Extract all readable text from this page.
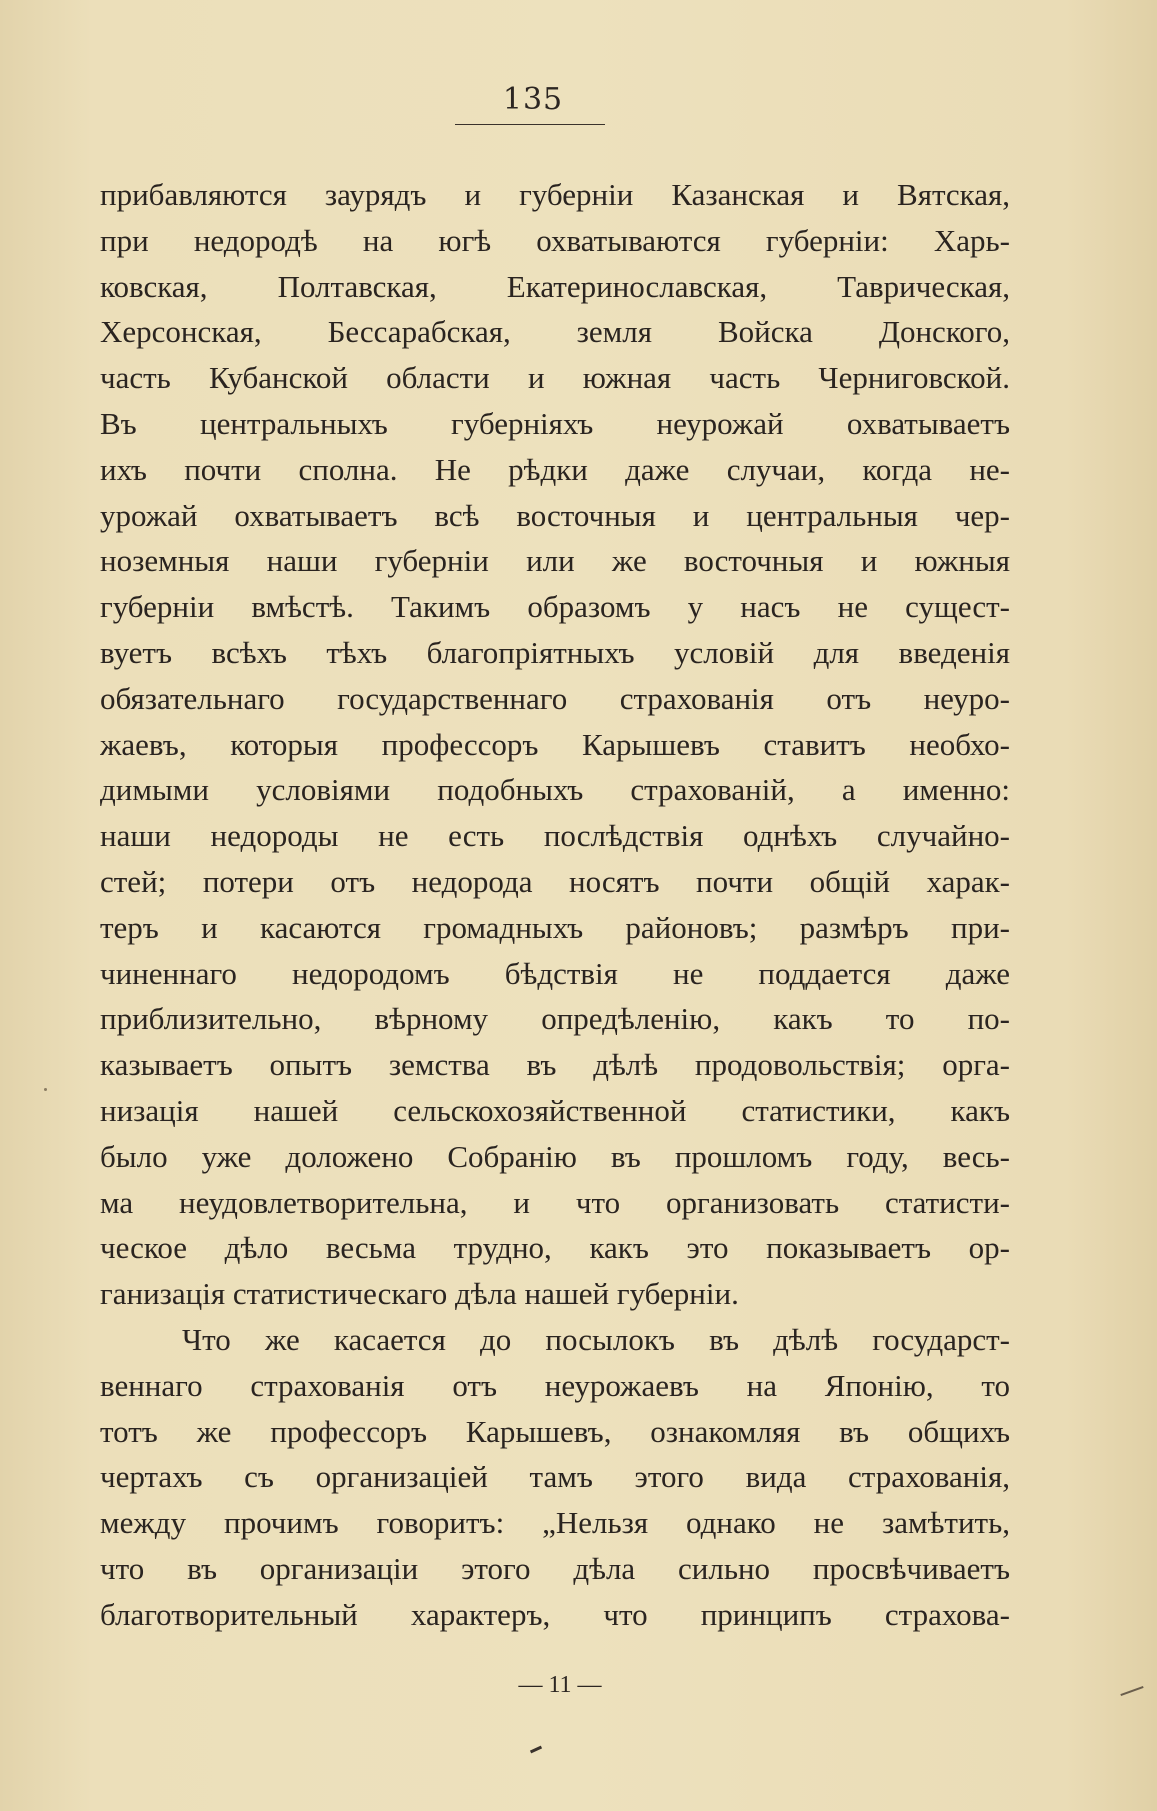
135
прибавляются заурядъ и губерніи Казанская и Вятская,
при недородѣ на югѣ охватываются губерніи: Харь-
ковская, Полтавская, Екатеринославская, Таврическая,
Херсонская, Бессарабская, земля Войска Донского,
часть Кубанской области и южная часть Черниговской.
Въ центральныхъ губерніяхъ неурожай охватываетъ
ихъ почти сполна. Не рѣдки даже случаи, когда не-
урожай охватываетъ всѣ восточныя и центральныя чер-
ноземныя наши губерніи или же восточныя и южныя
губерніи вмѣстѣ. Такимъ образомъ у насъ не сущест-
вуетъ всѣхъ тѣхъ благопріятныхъ условій для введенія
обязательнаго государственнаго страхованія отъ неуро-
жаевъ, которыя профессоръ Карышевъ ставитъ необхо-
димыми условіями подобныхъ страхованій, а именно:
наши недороды не есть послѣдствія однѣхъ случайно-
стей; потери отъ недорода носятъ почти общій харак-
теръ и касаются громадныхъ районовъ; размѣръ при-
чиненнаго недородомъ бѣдствія не поддается даже
приблизительно, вѣрному опредѣленію, какъ то по-
казываетъ опытъ земства въ дѣлѣ продовольствія; орга-
низація нашей сельскохозяйственной статистики, какъ
было уже доложено Собранію въ прошломъ году, весь-
ма неудовлетворительна, и что организовать статисти-
ческое дѣло весьма трудно, какъ это показываетъ ор-
ганизація статистическаго дѣла нашей губерніи.
Что же касается до посылокъ въ дѣлѣ государст-
веннаго страхованія отъ неурожаевъ на Японію, то
тотъ же профессоръ Карышевъ, ознакомляя въ общихъ
чертахъ съ организаціей тамъ этого вида страхованія,
между прочимъ говоритъ: „Нельзя однако не замѣтить,
что въ организаціи этого дѣла сильно просвѣчиваетъ
благотворительный характеръ, что принципъ страхова-
— 11 —
